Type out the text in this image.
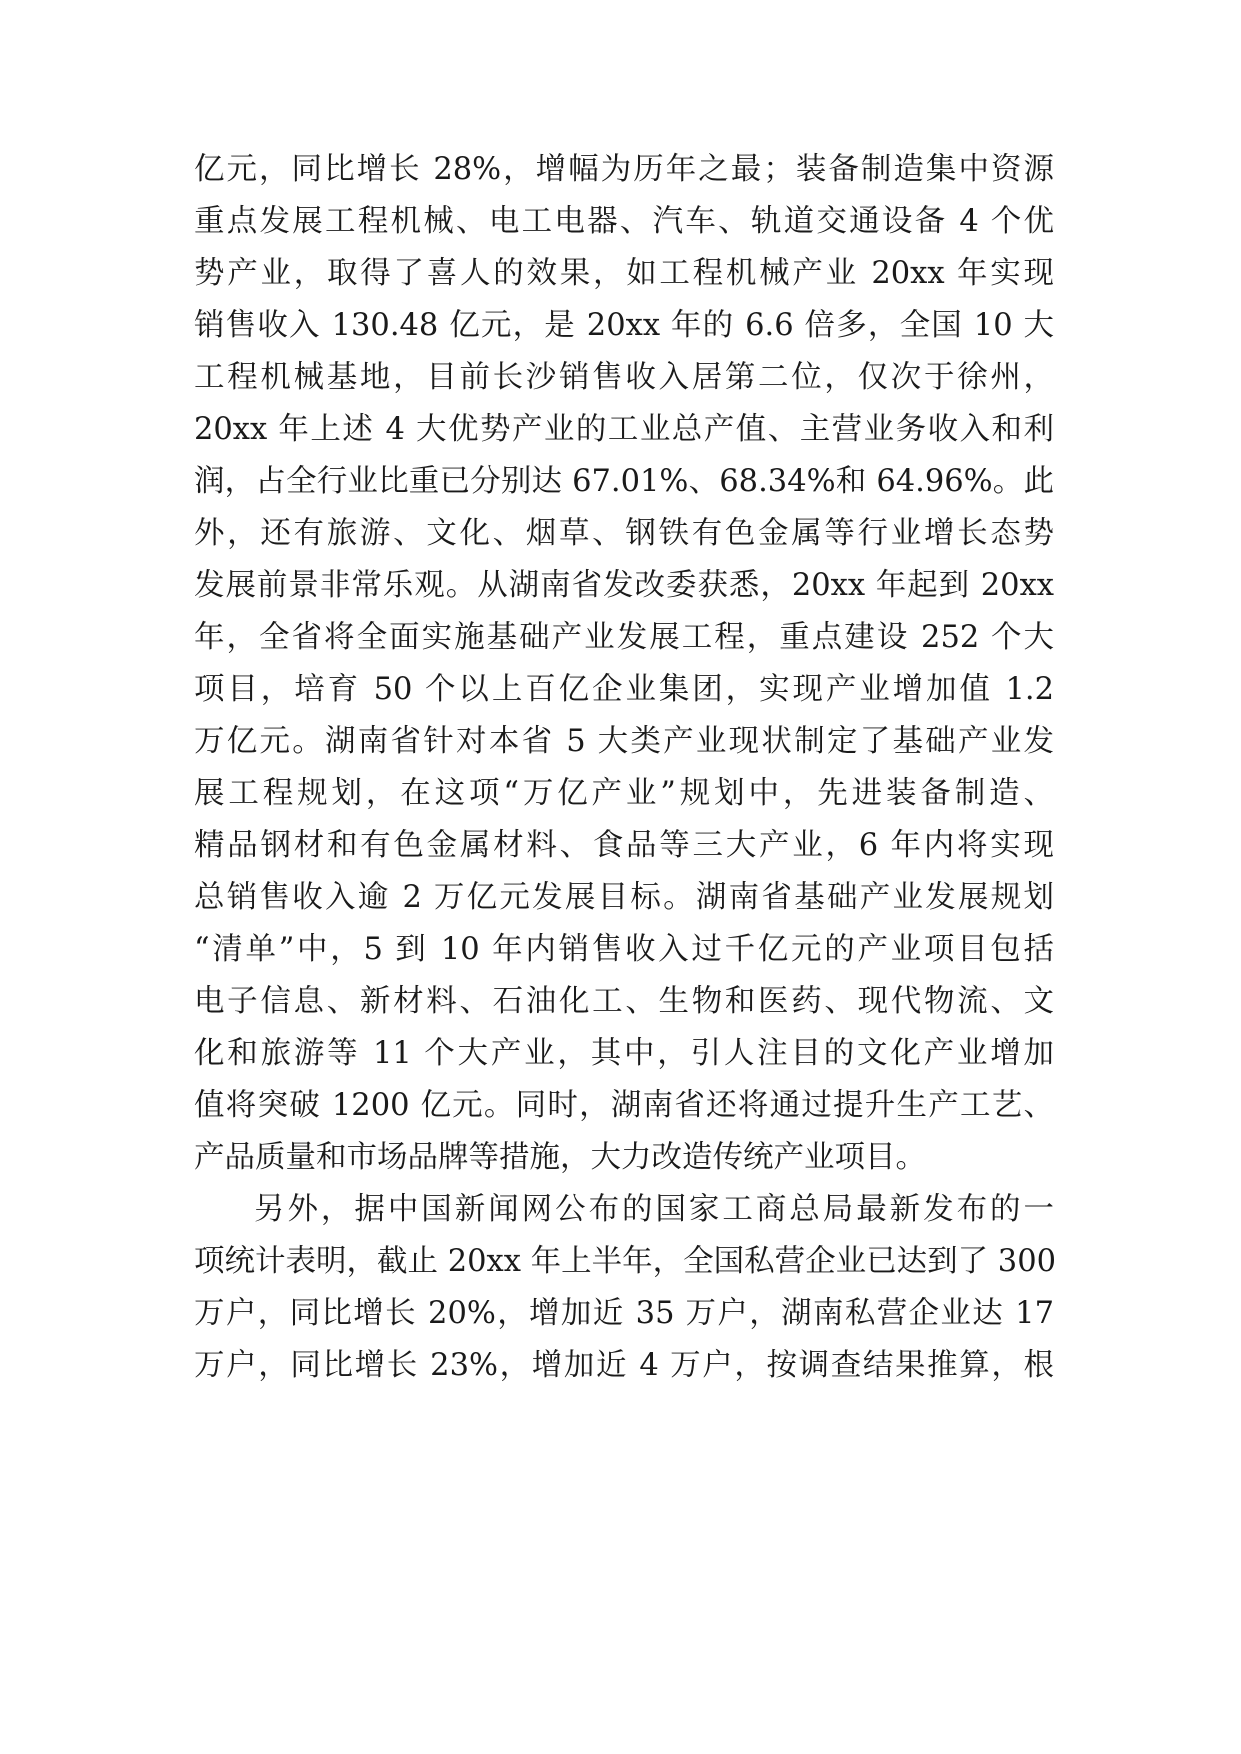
亿元，同比增长 28%，增幅为历年之最；装备制造集中资源
重点发展工程机械、电工电器、汽车、轨道交通设备 4 个优
势产业，取得了喜人的效果，如工程机械产业 20xx 年实现
销售收入 130.48 亿元，是 20xx 年的 6.6 倍多，全国 10 大
工程机械基地，目前长沙销售收入居第二位，仅次于徐州，
20xx 年上述 4 大优势产业的工业总产值、主营业务收入和利
润，占全行业比重已分别达 67.01%、68.34%和 64.96%。此
外，还有旅游、文化、烟草、钢铁有色金属等行业增长态势
发展前景非常乐观。从湖南省发改委获悉，20xx 年起到 20xx
年，全省将全面实施基础产业发展工程，重点建设 252 个大
项目，培育 50 个以上百亿企业集团，实现产业增加值 1.2
万亿元。湖南省针对本省 5 大类产业现状制定了基础产业发
展工程规划，在这项“万亿产业”规划中，先进装备制造、
精品钢材和有色金属材料、食品等三大产业，6 年内将实现
总销售收入逾 2 万亿元发展目标。湖南省基础产业发展规划
“清单”中，5 到 10 年内销售收入过千亿元的产业项目包括
电子信息、新材料、石油化工、生物和医药、现代物流、文
化和旅游等 11 个大产业，其中，引人注目的文化产业增加
值将突破 1200 亿元。同时，湖南省还将通过提升生产工艺、
产品质量和市场品牌等措施，大力改造传统产业项目。
另外，据中国新闻网公布的国家工商总局最新发布的一
项统计表明，截止 20xx 年上半年，全国私营企业已达到了 300
万户，同比增长 20%，增加近 35 万户，湖南私营企业达 17
万户，同比增长 23%，增加近 4 万户，按调查结果推算，根
